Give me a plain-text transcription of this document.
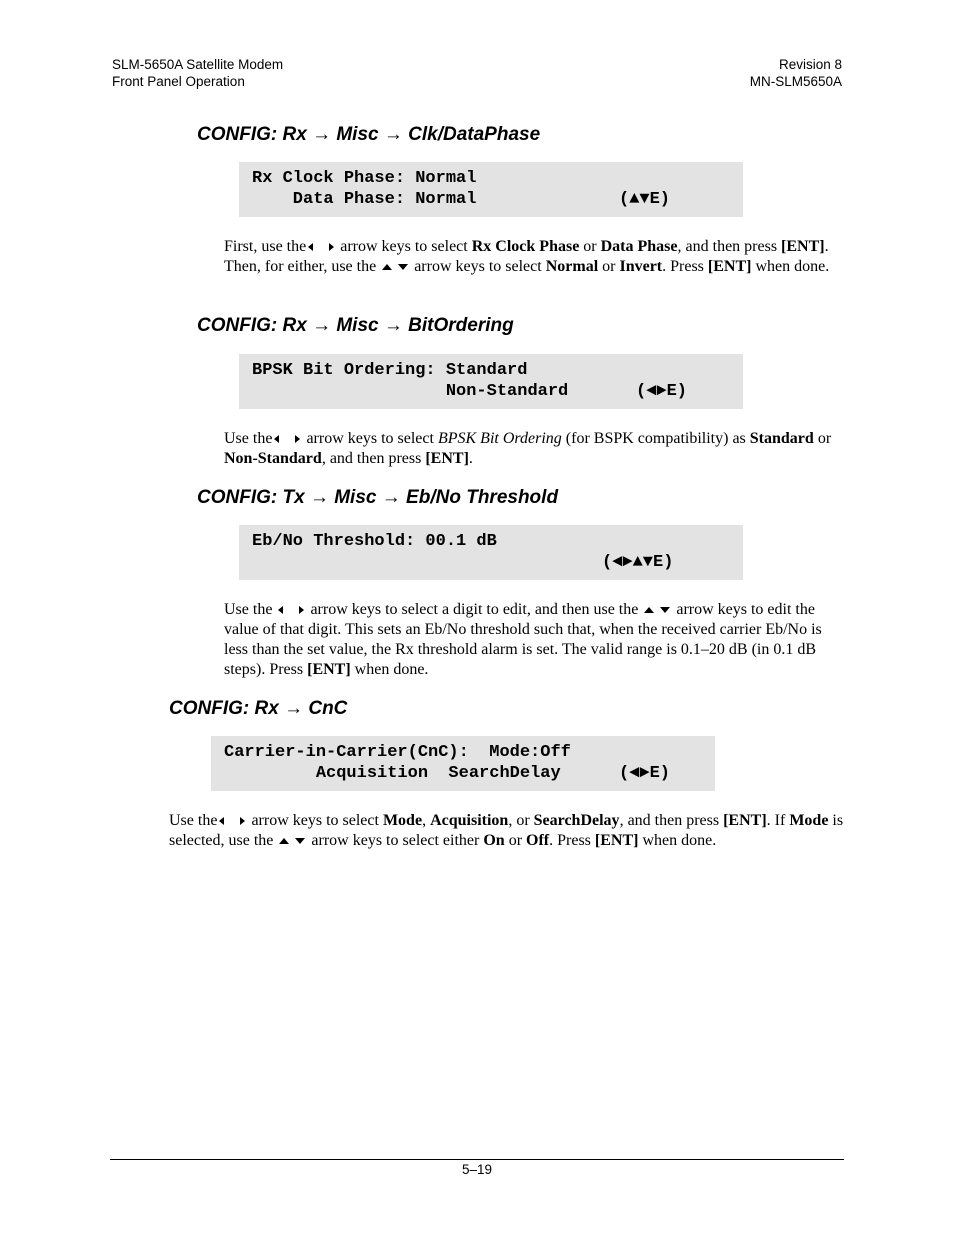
SLM-5650A Satellite Modem
Front Panel Operation
Revision 8
MN-SLM5650A
CONFIG: Rx → Misc → Clk/DataPhase

Rx Clock Phase: Normal

Data Phase: Normal

	(▲▼E)

First, use the
arrow keys to select Rx Clock Phase or Data Phase, and then press [ENT]. Then, for either, use the
arrow keys to select Normal or Invert. Press [ENT] when done.
CONFIG: Rx → Misc → BitOrdering

BPSK Bit Ordering: Standard

Non-Standard

	(◄►E)

Use the
arrow keys to select BPSK Bit Ordering (for BSPK compatibility) as Standard or Non-Standard, and then press [ENT].
CONFIG: Tx → Misc → Eb/No Threshold

Eb/No Threshold: 00.1 dB

(◄►▲▼E)

Use the
arrow keys to select a digit to edit, and then use the
arrow keys to edit the value of that digit. This sets an Eb/No threshold such that, when the received carrier Eb/No is less than the set value, the Rx threshold alarm is set. The valid range is 0.1–20 dB (in 0.1 dB steps). Press [ENT] when done.
CONFIG: Rx → CnC

Carrier-in-Carrier(CnC):  Mode:Off

Acquisition  SearchDelay

	(◄►E)

Use the
arrow keys to select Mode, Acquisition, or SearchDelay, and then press [ENT]. If Mode is selected, use the
arrow keys to select either On or Off. Press [ENT] when done.
5–19
